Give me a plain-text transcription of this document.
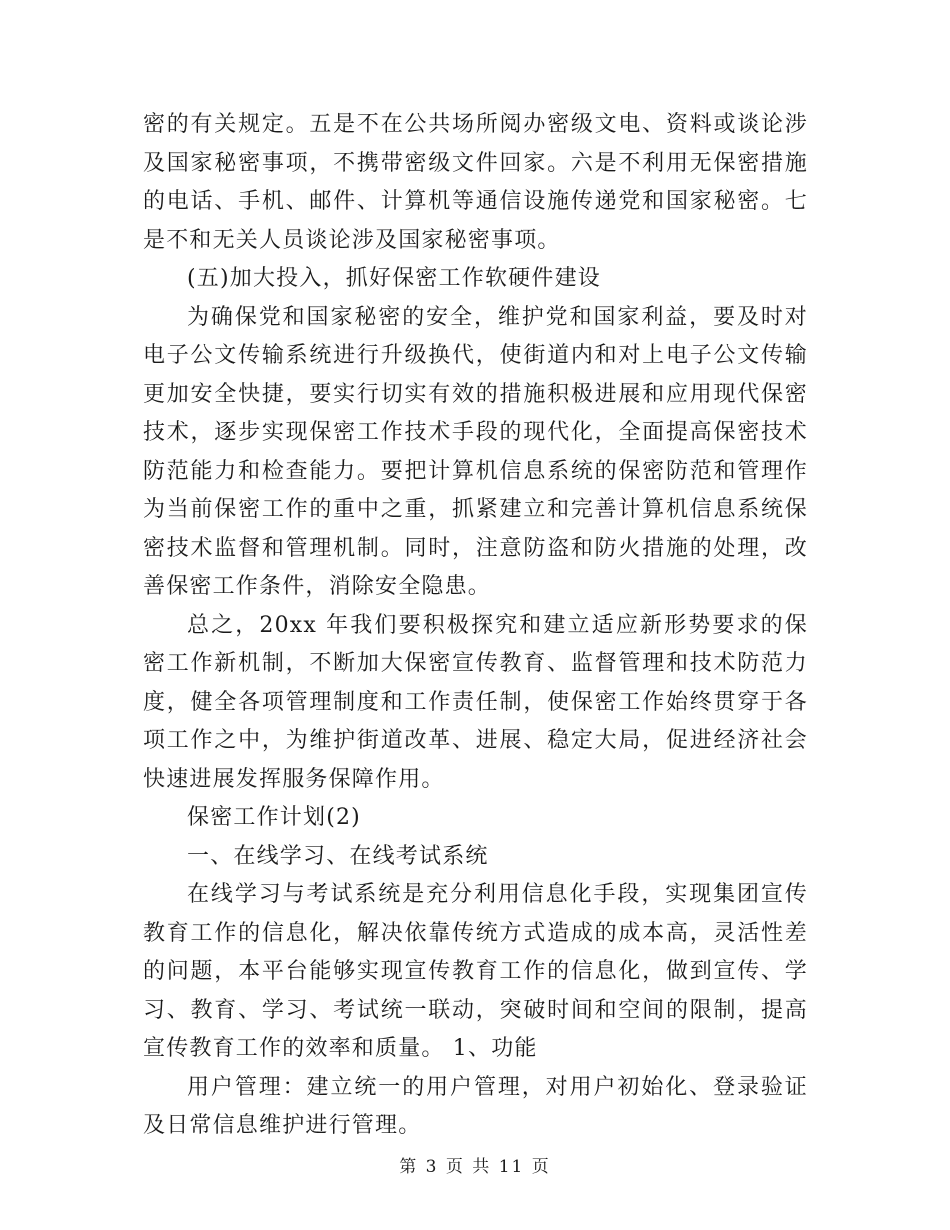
密的有关规定。五是不在公共场所阅办密级文电、资料或谈论涉及国家秘密事项，不携带密级文件回家。六是不利用无保密措施的电话、手机、邮件、计算机等通信设施传递党和国家秘密。七是不和无关人员谈论涉及国家秘密事项。

(五)加大投入，抓好保密工作软硬件建设

为确保党和国家秘密的安全，维护党和国家利益，要及时对电子公文传输系统进行升级换代，使街道内和对上电子公文传输更加安全快捷，要实行切实有效的措施积极进展和应用现代保密技术，逐步实现保密工作技术手段的现代化，全面提高保密技术防范能力和检查能力。要把计算机信息系统的保密防范和管理作为当前保密工作的重中之重，抓紧建立和完善计算机信息系统保密技术监督和管理机制。同时，注意防盗和防火措施的处理，改善保密工作条件，消除安全隐患。

总之，20xx 年我们要积极探究和建立适应新形势要求的保密工作新机制，不断加大保密宣传教育、监督管理和技术防范力度，健全各项管理制度和工作责任制，使保密工作始终贯穿于各项工作之中，为维护街道改革、进展、稳定大局，促进经济社会快速进展发挥服务保障作用。

保密工作计划(2)

一、在线学习、在线考试系统

在线学习与考试系统是充分利用信息化手段，实现集团宣传教育工作的信息化，解决依靠传统方式造成的成本高，灵活性差的问题，本平台能够实现宣传教育工作的信息化，做到宣传、学习、教育、学习、考试统一联动，突破时间和空间的限制，提高宣传教育工作的效率和质量。 1、功能

用户管理：建立统一的用户管理，对用户初始化、登录验证及日常信息维护进行管理。

第 3 页 共 11 页
